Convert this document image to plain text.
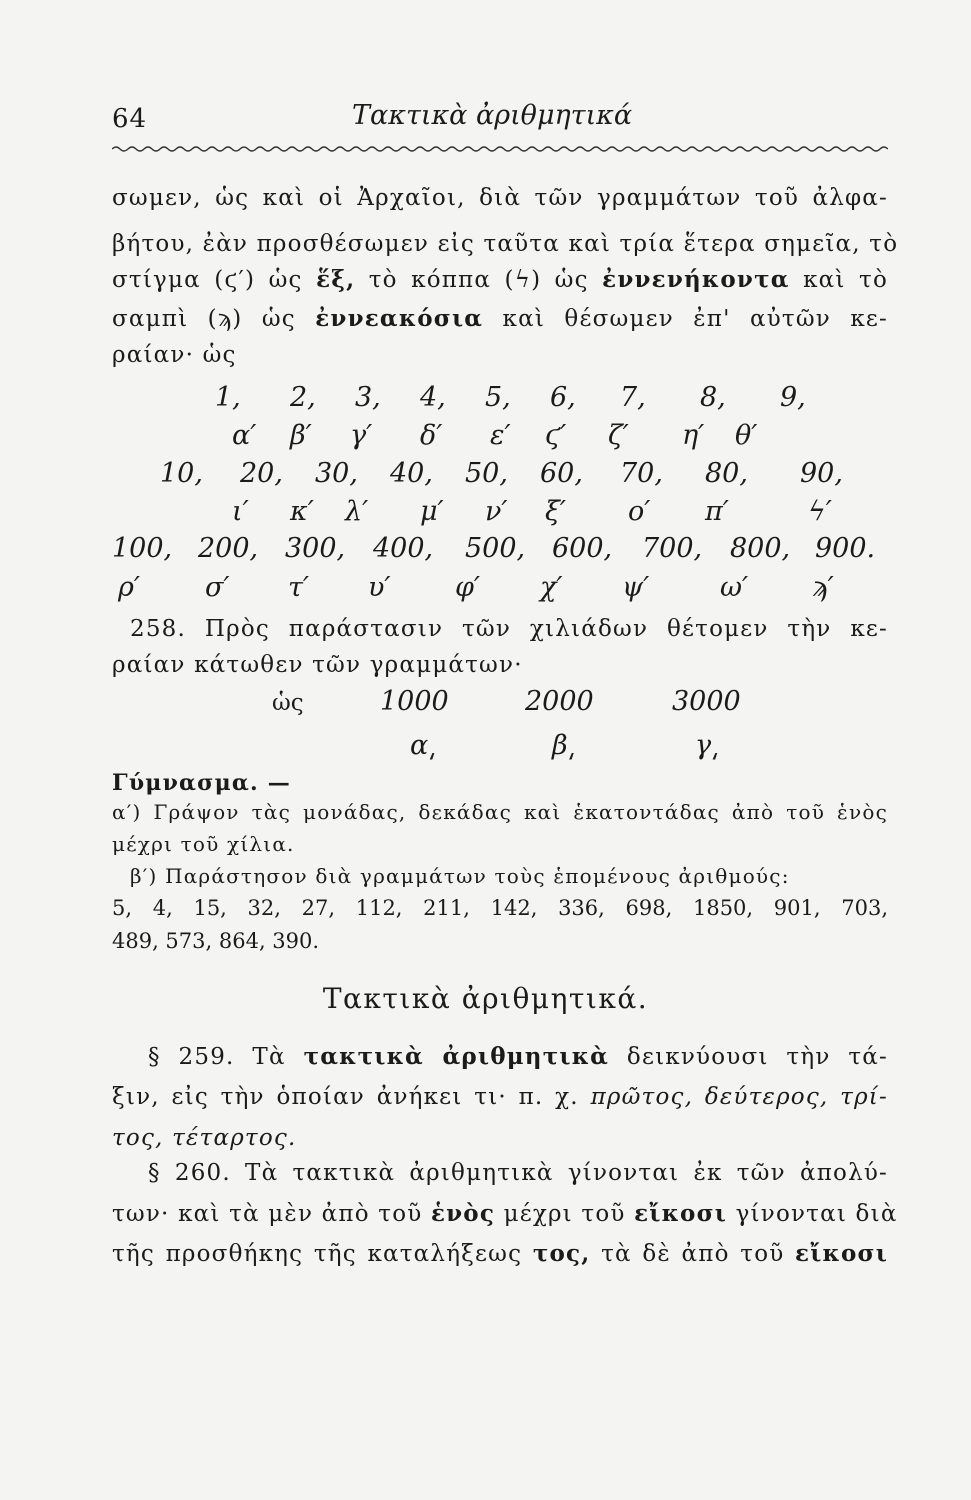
64	Τακτικὰ ἀριθμητικά
σωμεν, ὡς καὶ οἱ Ἀρχαῖοι, διὰ τῶν γραμμάτων τοῦ ἀλφα-
βήτου, ἐὰν προσθέσωμεν εἰς ταῦτα καὶ τρία ἕτερα σημεῖα, τὸ
στίγμα (ϛ′) ὡς ἕξ, τὸ κόππα (ϟ) ὡς ἐννενήκοντα καὶ τὸ
σαμπὶ (ϡ) ὡς ἐννεακόσια καὶ θέσωμεν ἐπ' αὐτῶν κε-
ραίαν· ὡς
1, 2, 3, 4, 5, 6, 7, 8, 9,
α′ β′ γ′ δ′ ε′ ϛ′ ζ′ η′ θ′
10, 20, 30, 40, 50, 60, 70, 80, 90,
ι′ κ′ λ′ μ′ ν′ ξ′ ο′ π′	ϟ′
100, 200, 300, 400, 500, 600, 700, 800, 900.
ρ′ σ′ τ′ υ′ φ′ χ′ ψ′	ω′ ϡ′
258. Πρὸς παράστασιν τῶν χιλιάδων θέτομεν τὴν κε-
ραίαν κάτωθεν τῶν γραμμάτων·
ὡς	1000	2000	3000
α͵	β͵	γ͵
Γύμνασμα. —
α′) Γράψον τὰς μονάδας, δεκάδας καὶ ἑκατοντάδας ἀπὸ τοῦ ἑνὸς
μέχρι τοῦ χίλια.
β′) Παράστησον διὰ γραμμάτων τοὺς ἑπομένους ἀριθμούς:
5, 4, 15, 32, 27, 112, 211, 142, 336, 698, 1850, 901, 703,
489, 573, 864, 390.
Τακτικὰ ἀριθμητικά.
§ 259. Τὰ τακτικὰ ἀριθμητικὰ δεικνύουσι τὴν τά-
ξιν, εἰς τὴν ὁποίαν ἀνήκει τι· π. χ. πρῶτος, δεύτερος, τρί-
τος, τέταρτος.
§ 260. Τὰ τακτικὰ ἀριθμητικὰ γίνονται ἐκ τῶν ἀπολύ-
των· καὶ τὰ μὲν ἀπὸ τοῦ ἑνὸς μέχρι τοῦ εἴκοσι γίνονται διὰ
τῆς προσθήκης τῆς καταλήξεως τος, τὰ δὲ ἀπὸ τοῦ εἴκοσι
